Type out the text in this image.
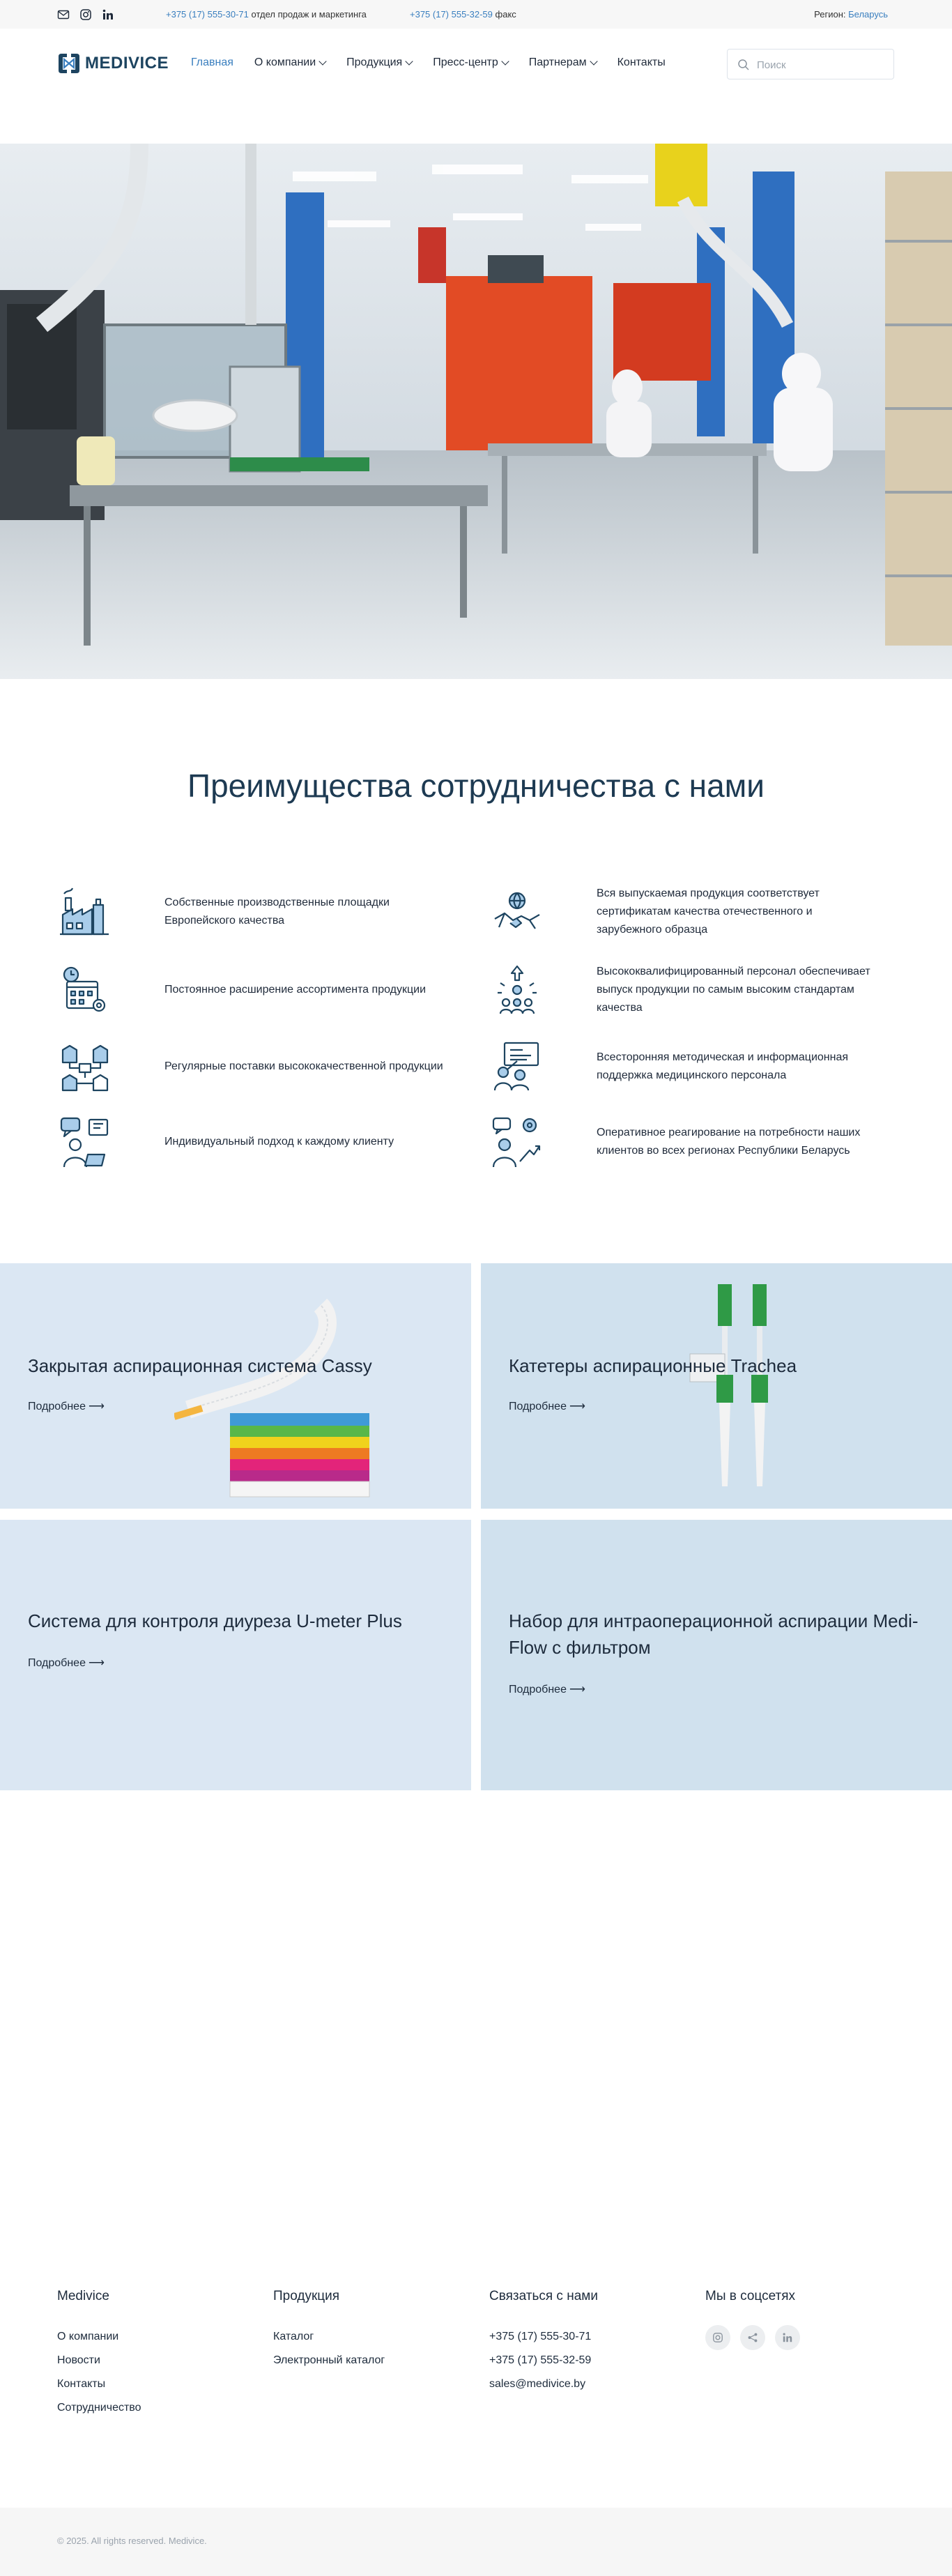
+375 (17) 555-30-71 отдел продаж и маркетинга	+375 (17) 555-32-59 факс	Регион: Беларусь
MEDIVICE Главная О компании	Продукция	Пресс-центр	Партнерам	Контакты
Поиск
Преимущества сотрудничества с нами
Собственные производственные площадки Европейского качества
Вся выпускаемая продукция соответствует сертификатам качества отечественного и зарубежного образца
Постоянное расширение ассортимента продукции
Высококвалифицированный персонал обеспечивает выпуск продукции по самым высоким стандартам качества
Регулярные поставки высококачественной продукции
Всесторонняя методическая и информационная поддержка медицинского персонала
Индивидуальный подход к каждому клиенту
Оперативное реагирование на потребности наших клиентов во всех регионах Республики Беларусь
Закрытая аспирационная система Cassy
Подробнее ⟶
Катетеры аспирационные Trachea
Подробнее ⟶
Система для контроля диуреза U-meter Plus
Подробнее ⟶
Набор для интраоперационной аспирации Medi-Flow с фильтром
Подробнее ⟶
Medivice
О компании
Новости
Контакты
Сотрудничество
Продукция
Каталог
Электронный каталог
Связаться с нами
+375 (17) 555-30-71
+375 (17) 555-32-59
sales@medivice.by
Мы в соцсетях
© 2025. All rights reserved. Medivice.
